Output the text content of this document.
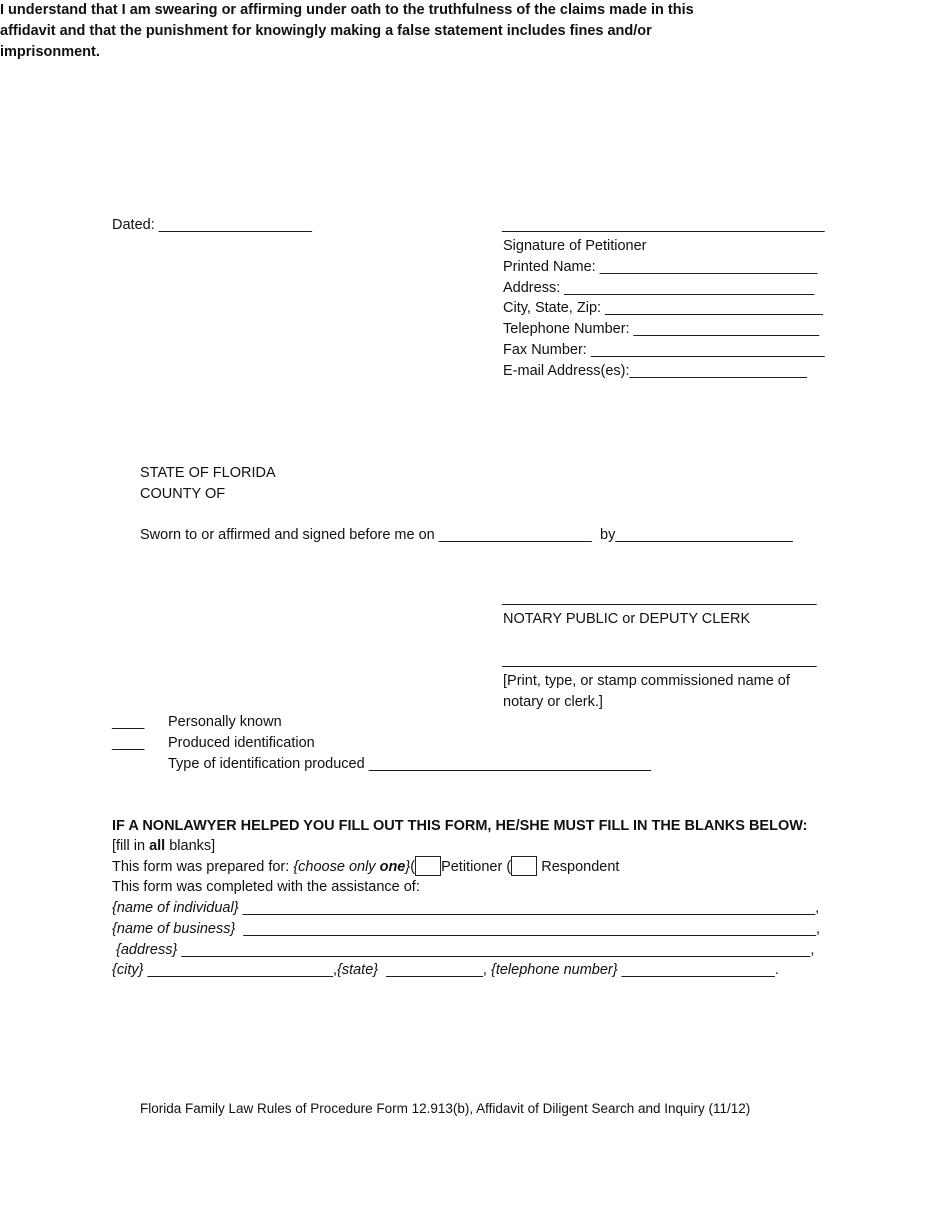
I understand that I am swearing or affirming under oath to the truthfulness of the claims made in this affidavit and that the punishment for knowingly making a false statement includes fines and/or imprisonment.
Dated: ___________________	________________________________________
Signature of Petitioner
Printed Name: ___________________________
Address: _______________________________
City, State, Zip: ___________________________
Telephone Number: _______________________
Fax Number: _____________________________
E-mail Address(es):______________________
STATE OF FLORIDA
COUNTY OF
Sworn to or affirmed and signed before me on ___________________  by______________________
_______________________________________
NOTARY PUBLIC or DEPUTY CLERK
_______________________________________
[Print, type, or stamp commissioned name of
notary or clerk.]
____ Personally known
____ Produced identification
Type of identification produced ___________________________________
IF A NONLAWYER HELPED YOU FILL OUT THIS FORM, HE/SHE MUST FILL IN THE BLANKS BELOW:
[fill in all blanks]
This form was prepared for: {choose only one}( Petitioner ( Respondent
This form was completed with the assistance of:
{name of individual} _______________________________________________________________________,
{name of business}  _______________________________________________________________________,
{address} ______________________________________________________________________________,
{city} _______________________,{state}  ____________, {telephone number} ___________________.
Florida Family Law Rules of Procedure Form 12.913(b), Affidavit of Diligent Search and Inquiry (11/12)
